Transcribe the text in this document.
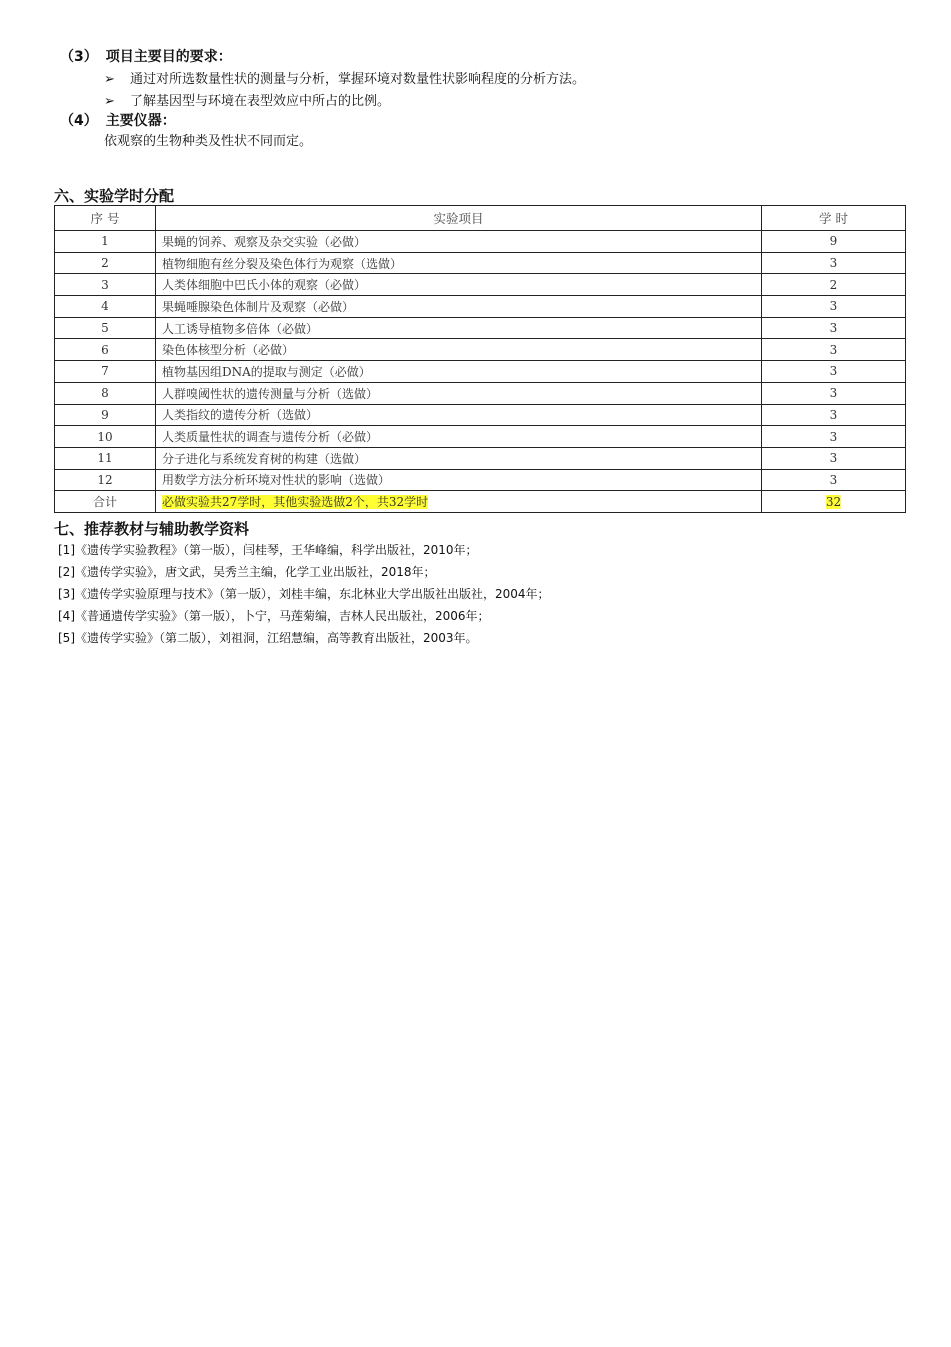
（3） 项目主要目的要求：
➢ 通过对所选数量性状的测量与分析，掌握环境对数量性状影响程度的分析方法。
➢ 了解基因型与环境在表型效应中所占的比例。
（4） 主要仪器：
依观察的生物种类及性状不同而定。
六、实验学时分配
序 号	实验项目	学 时
1	果蝇的饲养、观察及杂交实验（必做）	9
2	植物细胞有丝分裂及染色体行为观察（选做）	3
3	人类体细胞中巴氏小体的观察（必做）	2
4	果蝇唾腺染色体制片及观察（必做）	3
5	人工诱导植物多倍体（必做）	3
6	染色体核型分析（必做）	3
7	植物基因组DNA的提取与测定（必做）	3
8	人群嗅阈性状的遗传测量与分析（选做）	3
9	人类指纹的遗传分析（选做）	3
10	人类质量性状的调查与遗传分析（必做）	3
11	分子进化与系统发育树的构建（选做）	3
12	用数学方法分析环境对性状的影响（选做）	3
合计	必做实验共27学时，其他实验选做2个，共32学时	32
七、推荐教材与辅助教学资料
[1]《遗传学实验教程》（第一版），闫桂琴，王华峰编，科学出版社，2010年；
[2]《遗传学实验》，唐文武，吴秀兰主编，化学工业出版社，2018年；
[3]《遗传学实验原理与技术》（第一版），刘桂丰编，东北林业大学出版社出版社，2004年；
[4]《普通遗传学实验》（第一版），卜宁，马莲菊编，吉林人民出版社，2006年；
[5]《遗传学实验》（第二版），刘祖洞，江绍慧编，高等教育出版社，2003年。
